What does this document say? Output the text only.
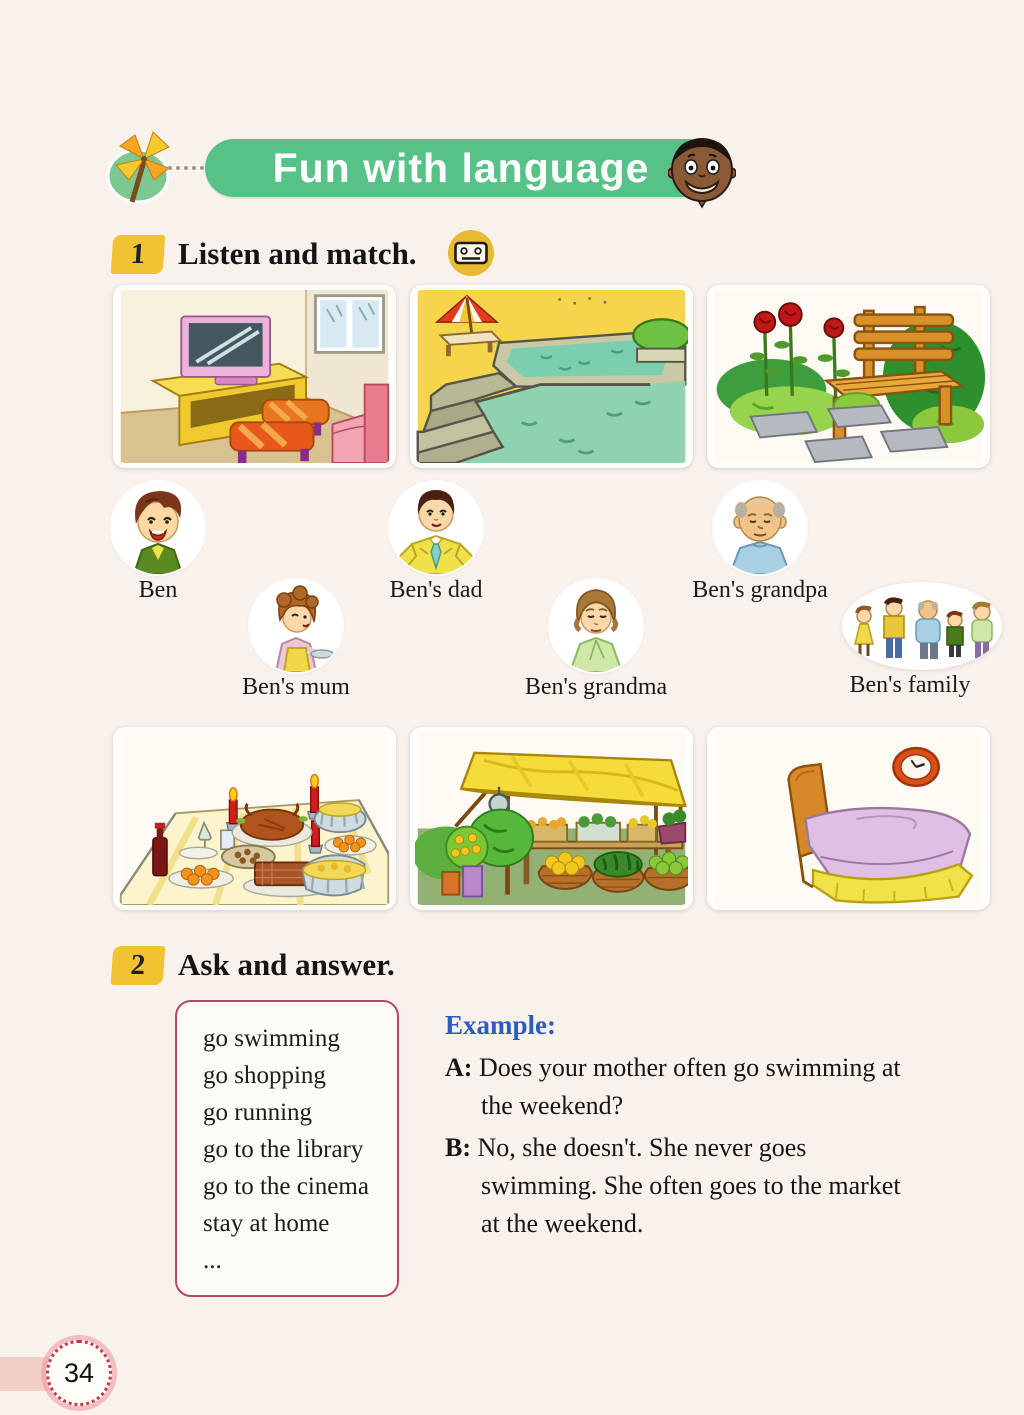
Fun with language
1 Listen and match.
Ben	Ben's dad	Ben's grandpa
Ben's mum	Ben's grandma	Ben's family
2 Ask and answer.
go swimming
go shopping
go running
go to the library
go to the cinema
stay at home
...
Example:
A: Does your mother often go swimming at the weekend?
B: No, she doesn't. She never goes swimming. She often goes to the market at the weekend.
34
